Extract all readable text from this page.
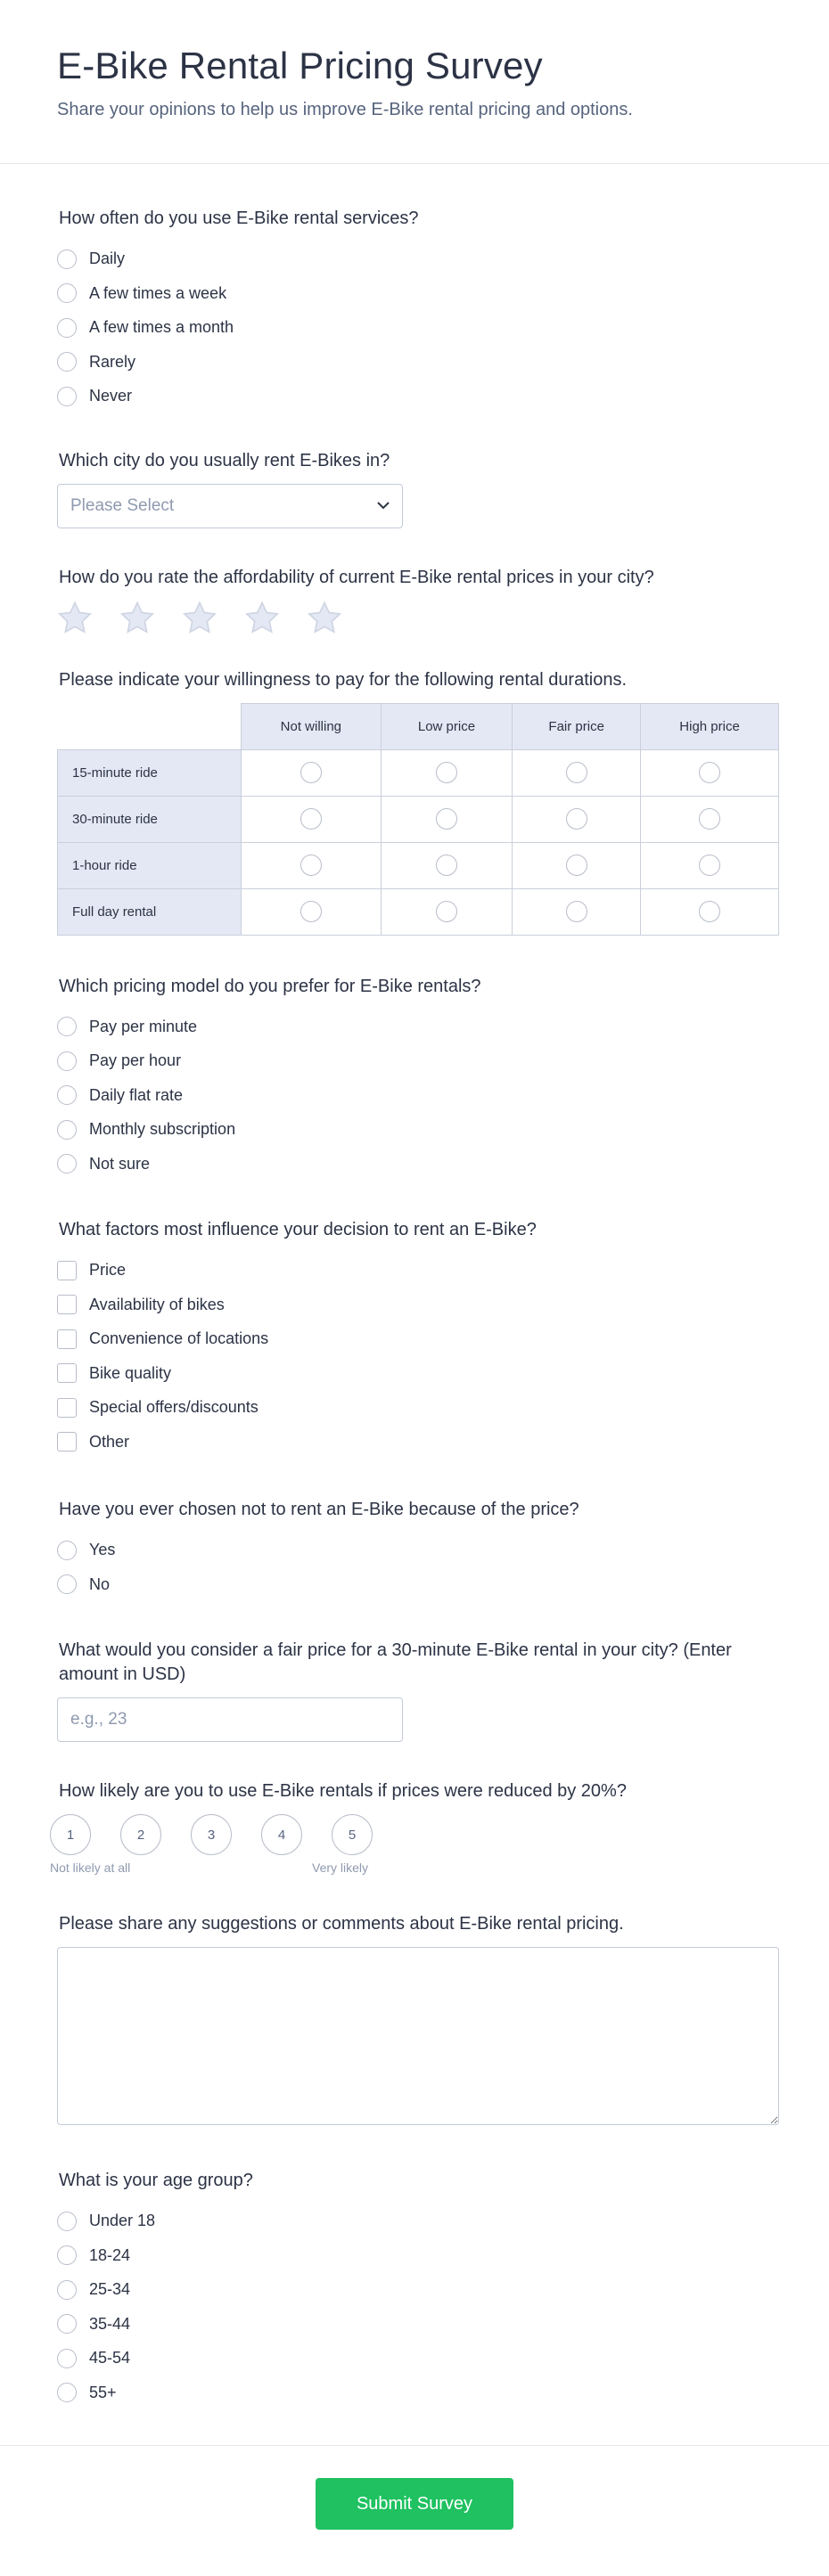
E-Bike Rental Pricing Survey

Share your opinions to help us improve E-Bike rental pricing and options.

How often do you use E-Bike rental services?
Daily
A few times a week
A few times a month
Rarely
Never
Which city do you usually rent E-Bikes in?
Please Select
How do you rate the affordability of current E-Bike rental prices in your city?
Please indicate your willingness to pay for the following rental durations.
	Not willing	Low price	Fair price	High price
15-minute ride				
30-minute ride				
1-hour ride				
Full day rental				
Which pricing model do you prefer for E-Bike rentals?
Pay per minute
Pay per hour
Daily flat rate
Monthly subscription
Not sure
What factors most influence your decision to rent an E-Bike?
Price
Availability of bikes
Convenience of locations
Bike quality
Special offers/discounts
Other
Have you ever chosen not to rent an E-Bike because of the price?
Yes
No
What would you consider a fair price for a 30-minute E-Bike rental in your city? (Enter amount in USD)
e.g., 23
How likely are you to use E-Bike rentals if prices were reduced by 20%?
1	2	3	4	5
Not likely at all	Very likely
Please share any suggestions or comments about E-Bike rental pricing.
What is your age group?
Under 18
18-24
25-34
35-44
45-54
55+
Submit Survey
